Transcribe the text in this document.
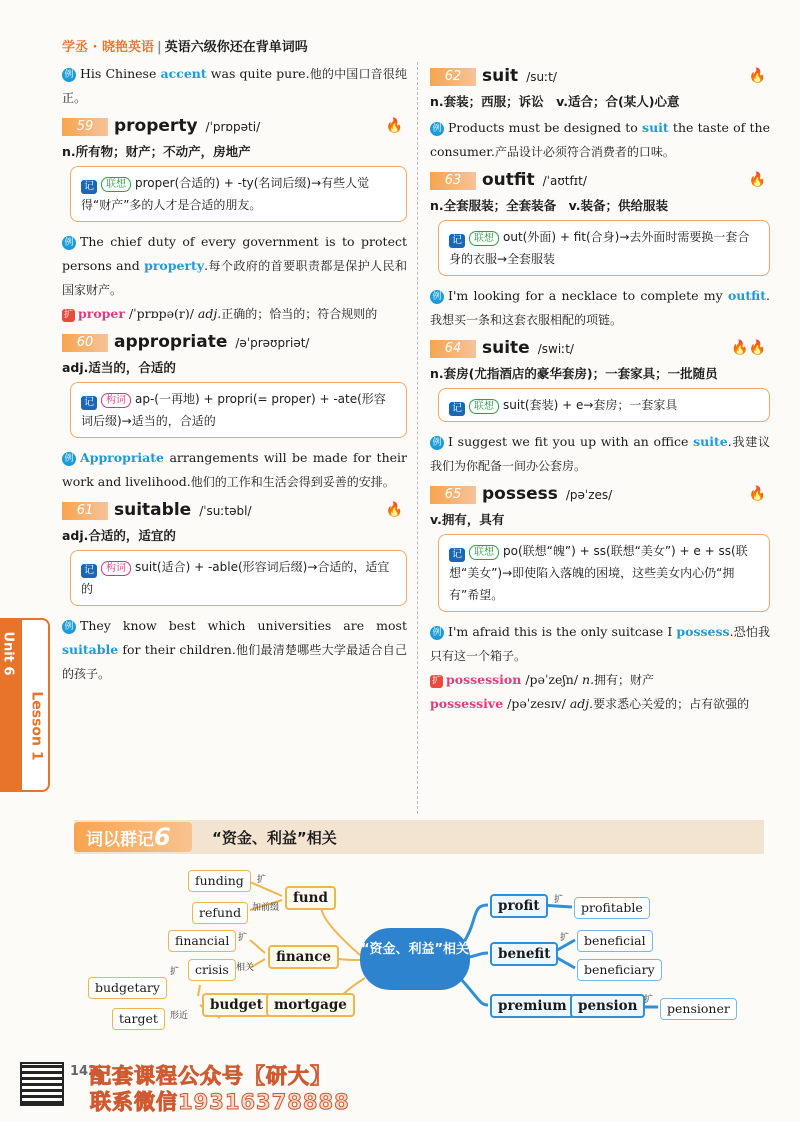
学丞 · 晓艳英语 | 英语六级你还在背单词吗

例 His Chinese accent was quite pure.他的中国口音很纯正。

59	property /ˈprɒpəti/	🔥
n.所有物；财产；不动产，房地产
记 联想 proper(合适的) + -ty(名词后缀)→有些人觉得“财产”多的人才是合适的朋友。

例 The chief duty of every government is to protect persons and property.每个政府的首要职责都是保护人民和国家财产。

扩 proper /ˈprɒpə(r)/ adj.正确的；恰当的；符合规则的

60	appropriate /əˈprəʊpriət/
adj.适当的，合适的
记 构词 ap-(一再地) + propri(= proper) + -ate(形容词后缀)→适当的，合适的

例 Appropriate arrangements will be made for their work and livelihood.他们的工作和生活会得到妥善的安排。

61	suitable /ˈsuːtəbl/	🔥
adj.合适的，适宜的
记 构词 suit(适合) + -able(形容词后缀)→合适的，适宜的

例 They know best which universities are most suitable for their children.他们最清楚哪些大学最适合自己的孩子。

62	suit /suːt/	🔥
n.套装；西服；诉讼　v.适合；合(某人)心意

例 Products must be designed to suit the taste of the consumer.产品设计必须符合消费者的口味。

63	outfit /ˈaʊtfɪt/	🔥
n.全套服装；全套装备　v.装备；供给服装
记 联想 out(外面) + fit(合身)→去外面时需要换一套合身的衣服→全套服装

例 I'm looking for a necklace to complete my outfit.我想买一条和这套衣服相配的项链。

64	suite /swiːt/	🔥🔥
n.套房(尤指酒店的豪华套房)；一套家具；一批随员
记 联想 suit(套装) + e→套房；一套家具

例 I suggest we fit you up with an office suite.我建议我们为你配备一间办公套房。

65	possess /pəˈzes/	🔥
v.拥有，具有
记 联想 po(联想“魄”) + ss(联想“美女”) + e + ss(联想“美女”)→即使陷入落魄的困境，这些美女内心仍“拥有”希望。

例 I'm afraid this is the only suitcase I possess.恐怕我只有这一个箱子。

扩 possession /pəˈzeʃn/ n.拥有；财产

possessive /pəˈzesɪv/ adj.要求悉心关爱的；占有欲强的

Unit 6
Lesson 1
词以群记6	“资金、利益”相关
“资金、利益”相关
fund
funding
refund
扩
加前缀
finance
financial
crisis
扩
相关
budget mortgage
budgetary
target
扩
形近
profit	profitable
扩
benefit
beneficial
beneficiary
扩
premium pension	pensioner
扩
142
配套课程公众号【研大】
联系微信19316378888
